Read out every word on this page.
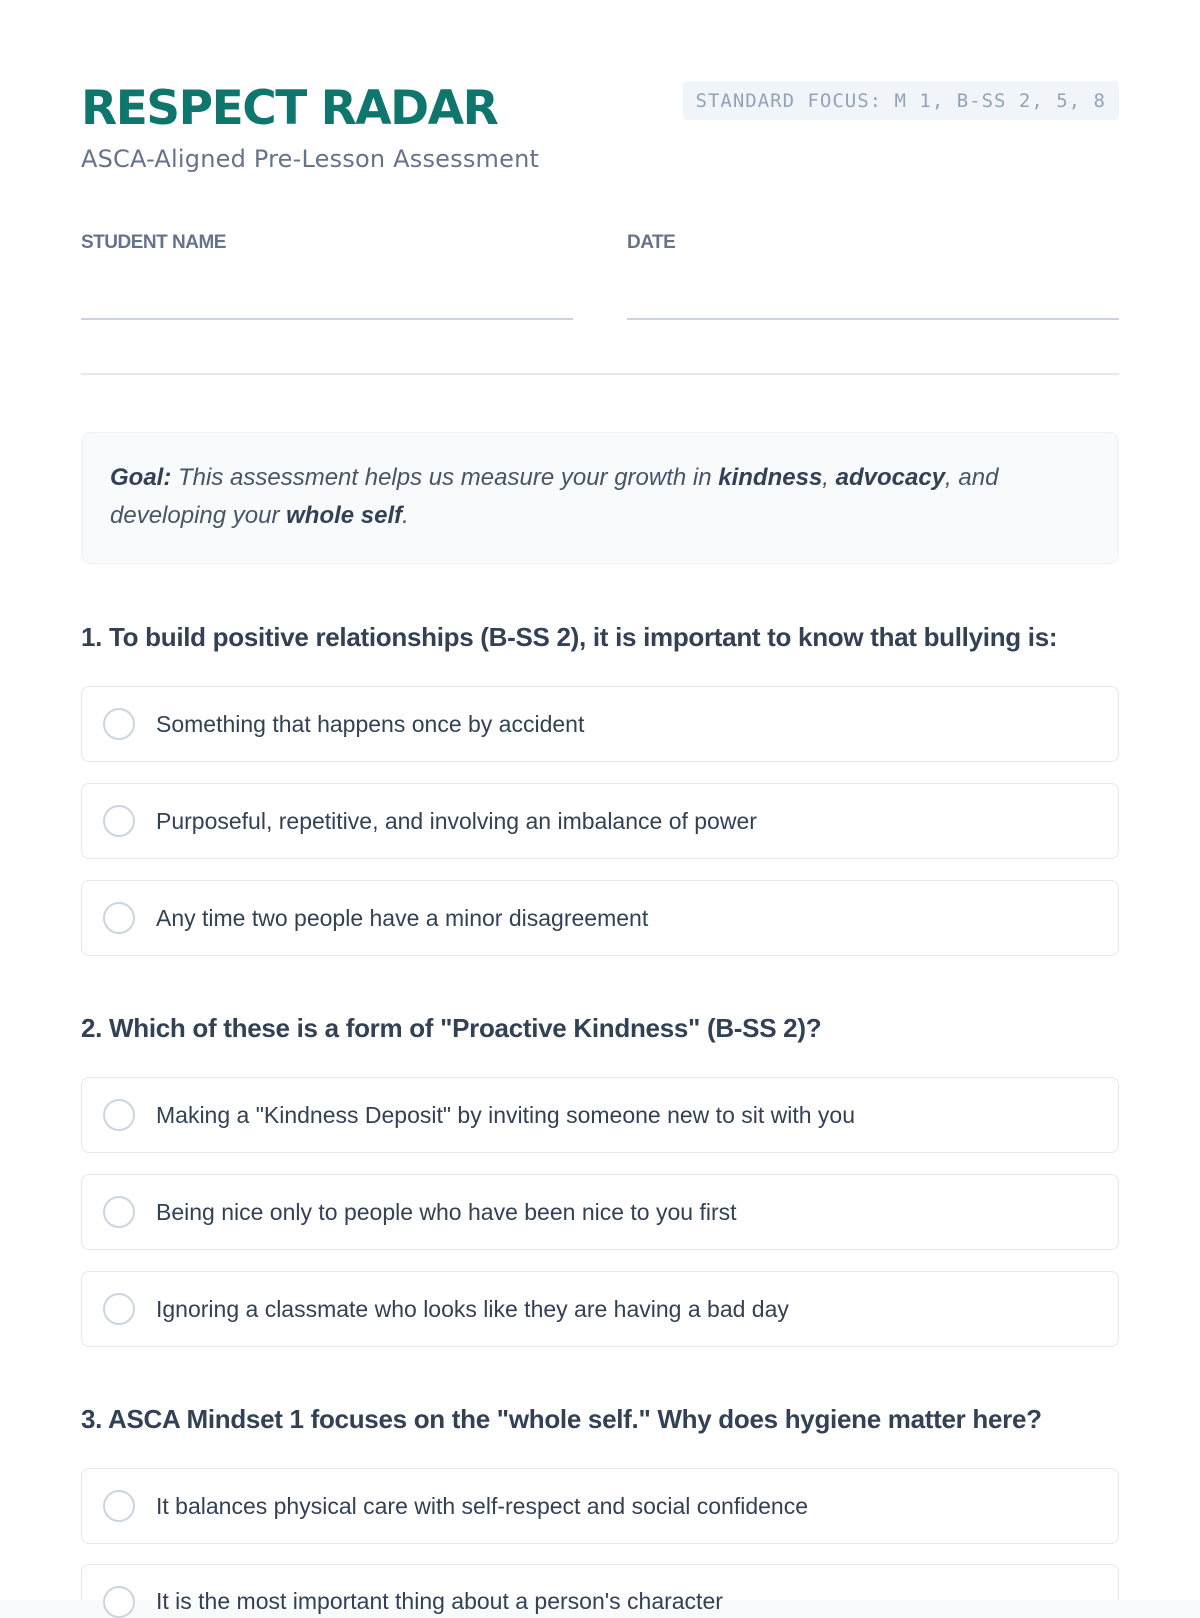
RESPECT RADAR
ASCA-Aligned Pre-Lesson Assessment
STANDARD FOCUS: M 1, B-SS 2, 5, 8
STUDENT NAME	DATE
Goal: This assessment helps us measure your growth in kindness, advocacy, and developing your whole self.
1. To build positive relationships (B-SS 2), it is important to know that bullying is:
Something that happens once by accident
Purposeful, repetitive, and involving an imbalance of power
Any time two people have a minor disagreement
2. Which of these is a form of "Proactive Kindness" (B-SS 2)?
Making a "Kindness Deposit" by inviting someone new to sit with you
Being nice only to people who have been nice to you first
Ignoring a classmate who looks like they are having a bad day
3. ASCA Mindset 1 focuses on the "whole self." Why does hygiene matter here?
It balances physical care with self-respect and social confidence
It is the most important thing about a person's character
